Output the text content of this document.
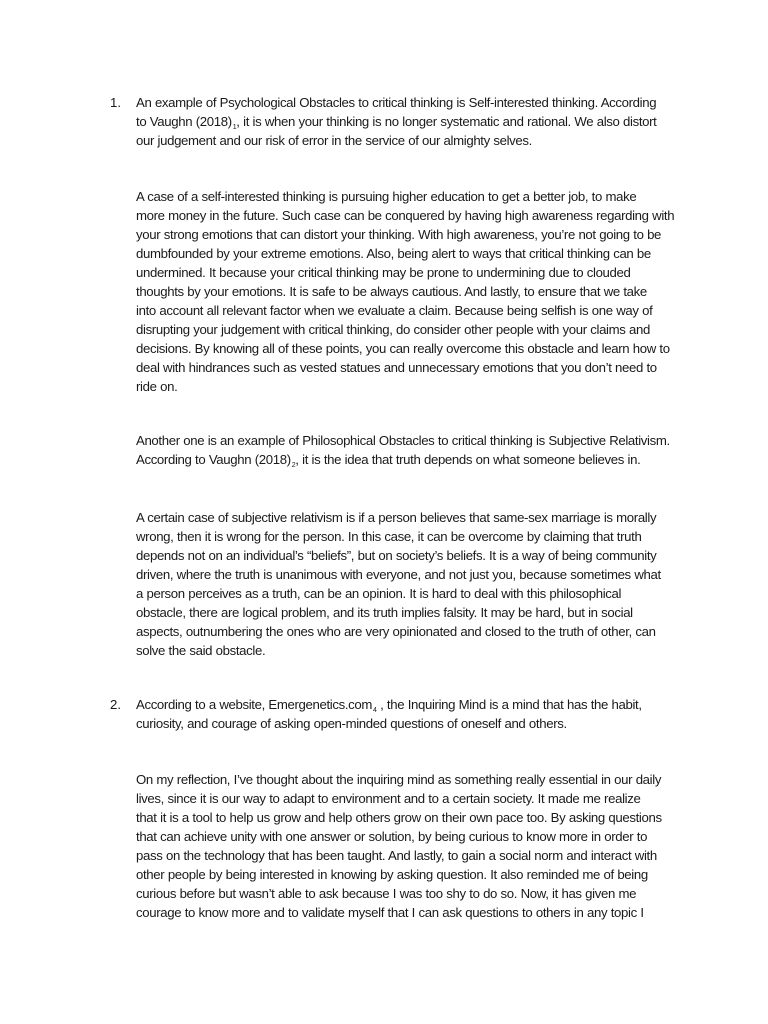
1. An example of Psychological Obstacles to critical thinking is Self-interested thinking. According
to Vaughn (2018)$^1$, it is when your thinking is no longer systematic and rational. We also distort
our judgement and our risk of error in the service of our almighty selves.
A case of a self-interested thinking is pursuing higher education to get a better job, to make
more money in the future. Such case can be conquered by having high awareness regarding with
your strong emotions that can distort your thinking. With high awareness, you’re not going to be
dumbfounded by your extreme emotions. Also, being alert to ways that critical thinking can be
undermined. It because your critical thinking may be prone to undermining due to clouded
thoughts by your emotions. It is safe to be always cautious. And lastly, to ensure that we take
into account all relevant factor when we evaluate a claim. Because being selfish is one way of
disrupting your judgement with critical thinking, do consider other people with your claims and
decisions. By knowing all of these points, you can really overcome this obstacle and learn how to
deal with hindrances such as vested statues and unnecessary emotions that you don’t need to
ride on.
Another one is an example of Philosophical Obstacles to critical thinking is Subjective Relativism.
According to Vaughn (2018)$^2$, it is the idea that truth depends on what someone believes in.
A certain case of subjective relativism is if a person believes that same-sex marriage is morally
wrong, then it is wrong for the person. In this case, it can be overcome by claiming that truth
depends not on an individual’s “beliefs”, but on society’s beliefs. It is a way of being community
driven, where the truth is unanimous with everyone, and not just you, because sometimes what
a person perceives as a truth, can be an opinion. It is hard to deal with this philosophical
obstacle, there are logical problem, and its truth implies falsity. It may be hard, but in social
aspects, outnumbering the ones who are very opinionated and closed to the truth of other, can
solve the said obstacle.
2. According to a website, Emergenetics.com$^4$ , the Inquiring Mind is a mind that has the habit,
curiosity, and courage of asking open-minded questions of oneself and others.
On my reflection, I’ve thought about the inquiring mind as something really essential in our daily
lives, since it is our way to adapt to environment and to a certain society. It made me realize
that it is a tool to help us grow and help others grow on their own pace too. By asking questions
that can achieve unity with one answer or solution, by being curious to know more in order to
pass on the technology that has been taught. And lastly, to gain a social norm and interact with
other people by being interested in knowing by asking question. It also reminded me of being
curious before but wasn’t able to ask because I was too shy to do so. Now, it has given me
courage to know more and to validate myself that I can ask questions to others in any topic I
